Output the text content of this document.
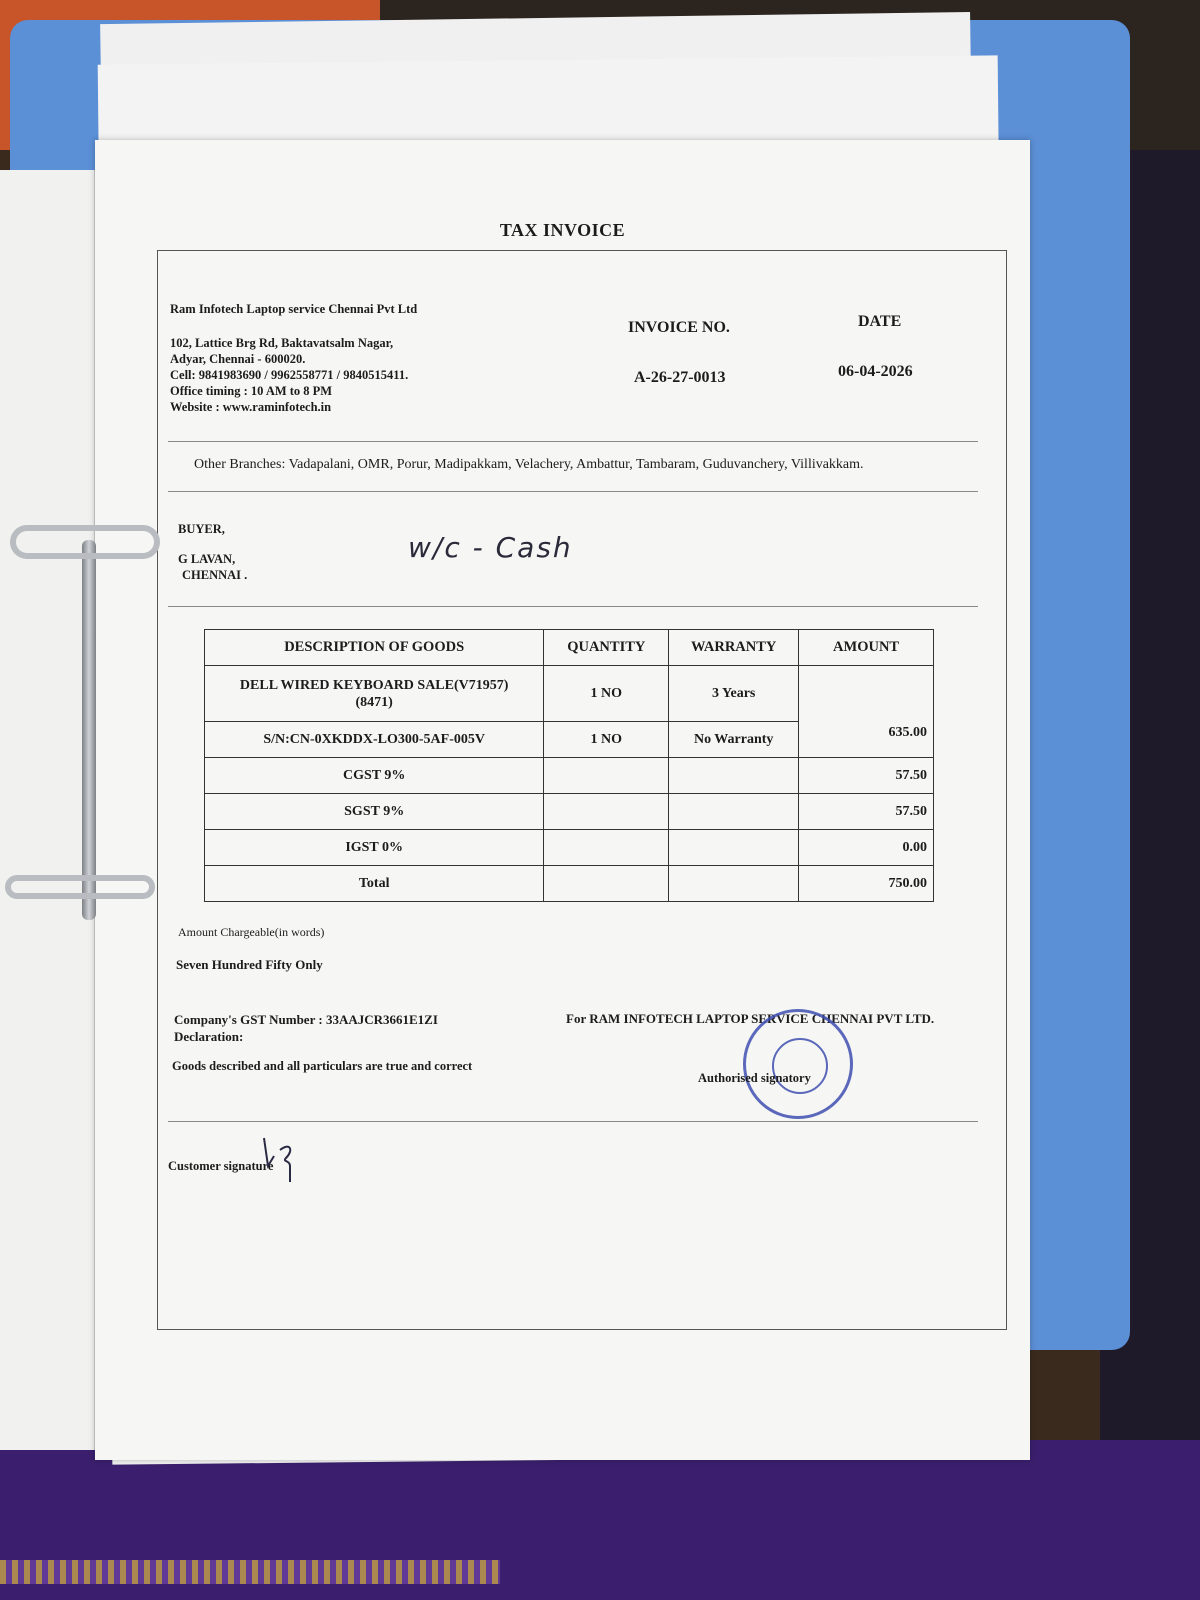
TAX INVOICE
Ram Infotech Laptop service Chennai Pvt Ltd
102, Lattice Brg Rd, Baktavatsalm Nagar,
Adyar, Chennai - 600020.
Cell: 9841983690 / 9962558771 / 9840515411.
Office timing : 10 AM to 8 PM
Website : www.raminfotech.in
INVOICE NO.
A-26-27-0013
DATE
06-04-2026
Other Branches: Vadapalani, OMR, Porur, Madipakkam, Velachery, Ambattur, Tambaram, Guduvanchery, Villivakkam.
BUYER,
G LAVAN,
CHENNAI .
w/c - Cash
DESCRIPTION OF GOODS	QUANTITY	WARRANTY	AMOUNT

DELL WIRED KEYBOARD SALE(V71957)
(8471)	1 NO	3 Years	635.00
S/N:CN-0XKDDX-LO300-5AF-005V	1 NO	No Warranty	
CGST 9%			57.50
SGST 9%			57.50
IGST 0%			0.00
Total			750.00
Amount Chargeable(in words)
Seven Hundred Fifty Only
Company's GST Number : 33AAJCR3661E1ZI
Declaration:
Goods described and all particulars are true and correct
For RAM INFOTECH LAPTOP SERVICE CHENNAI PVT LTD.
Authorised signatory
Customer signature
